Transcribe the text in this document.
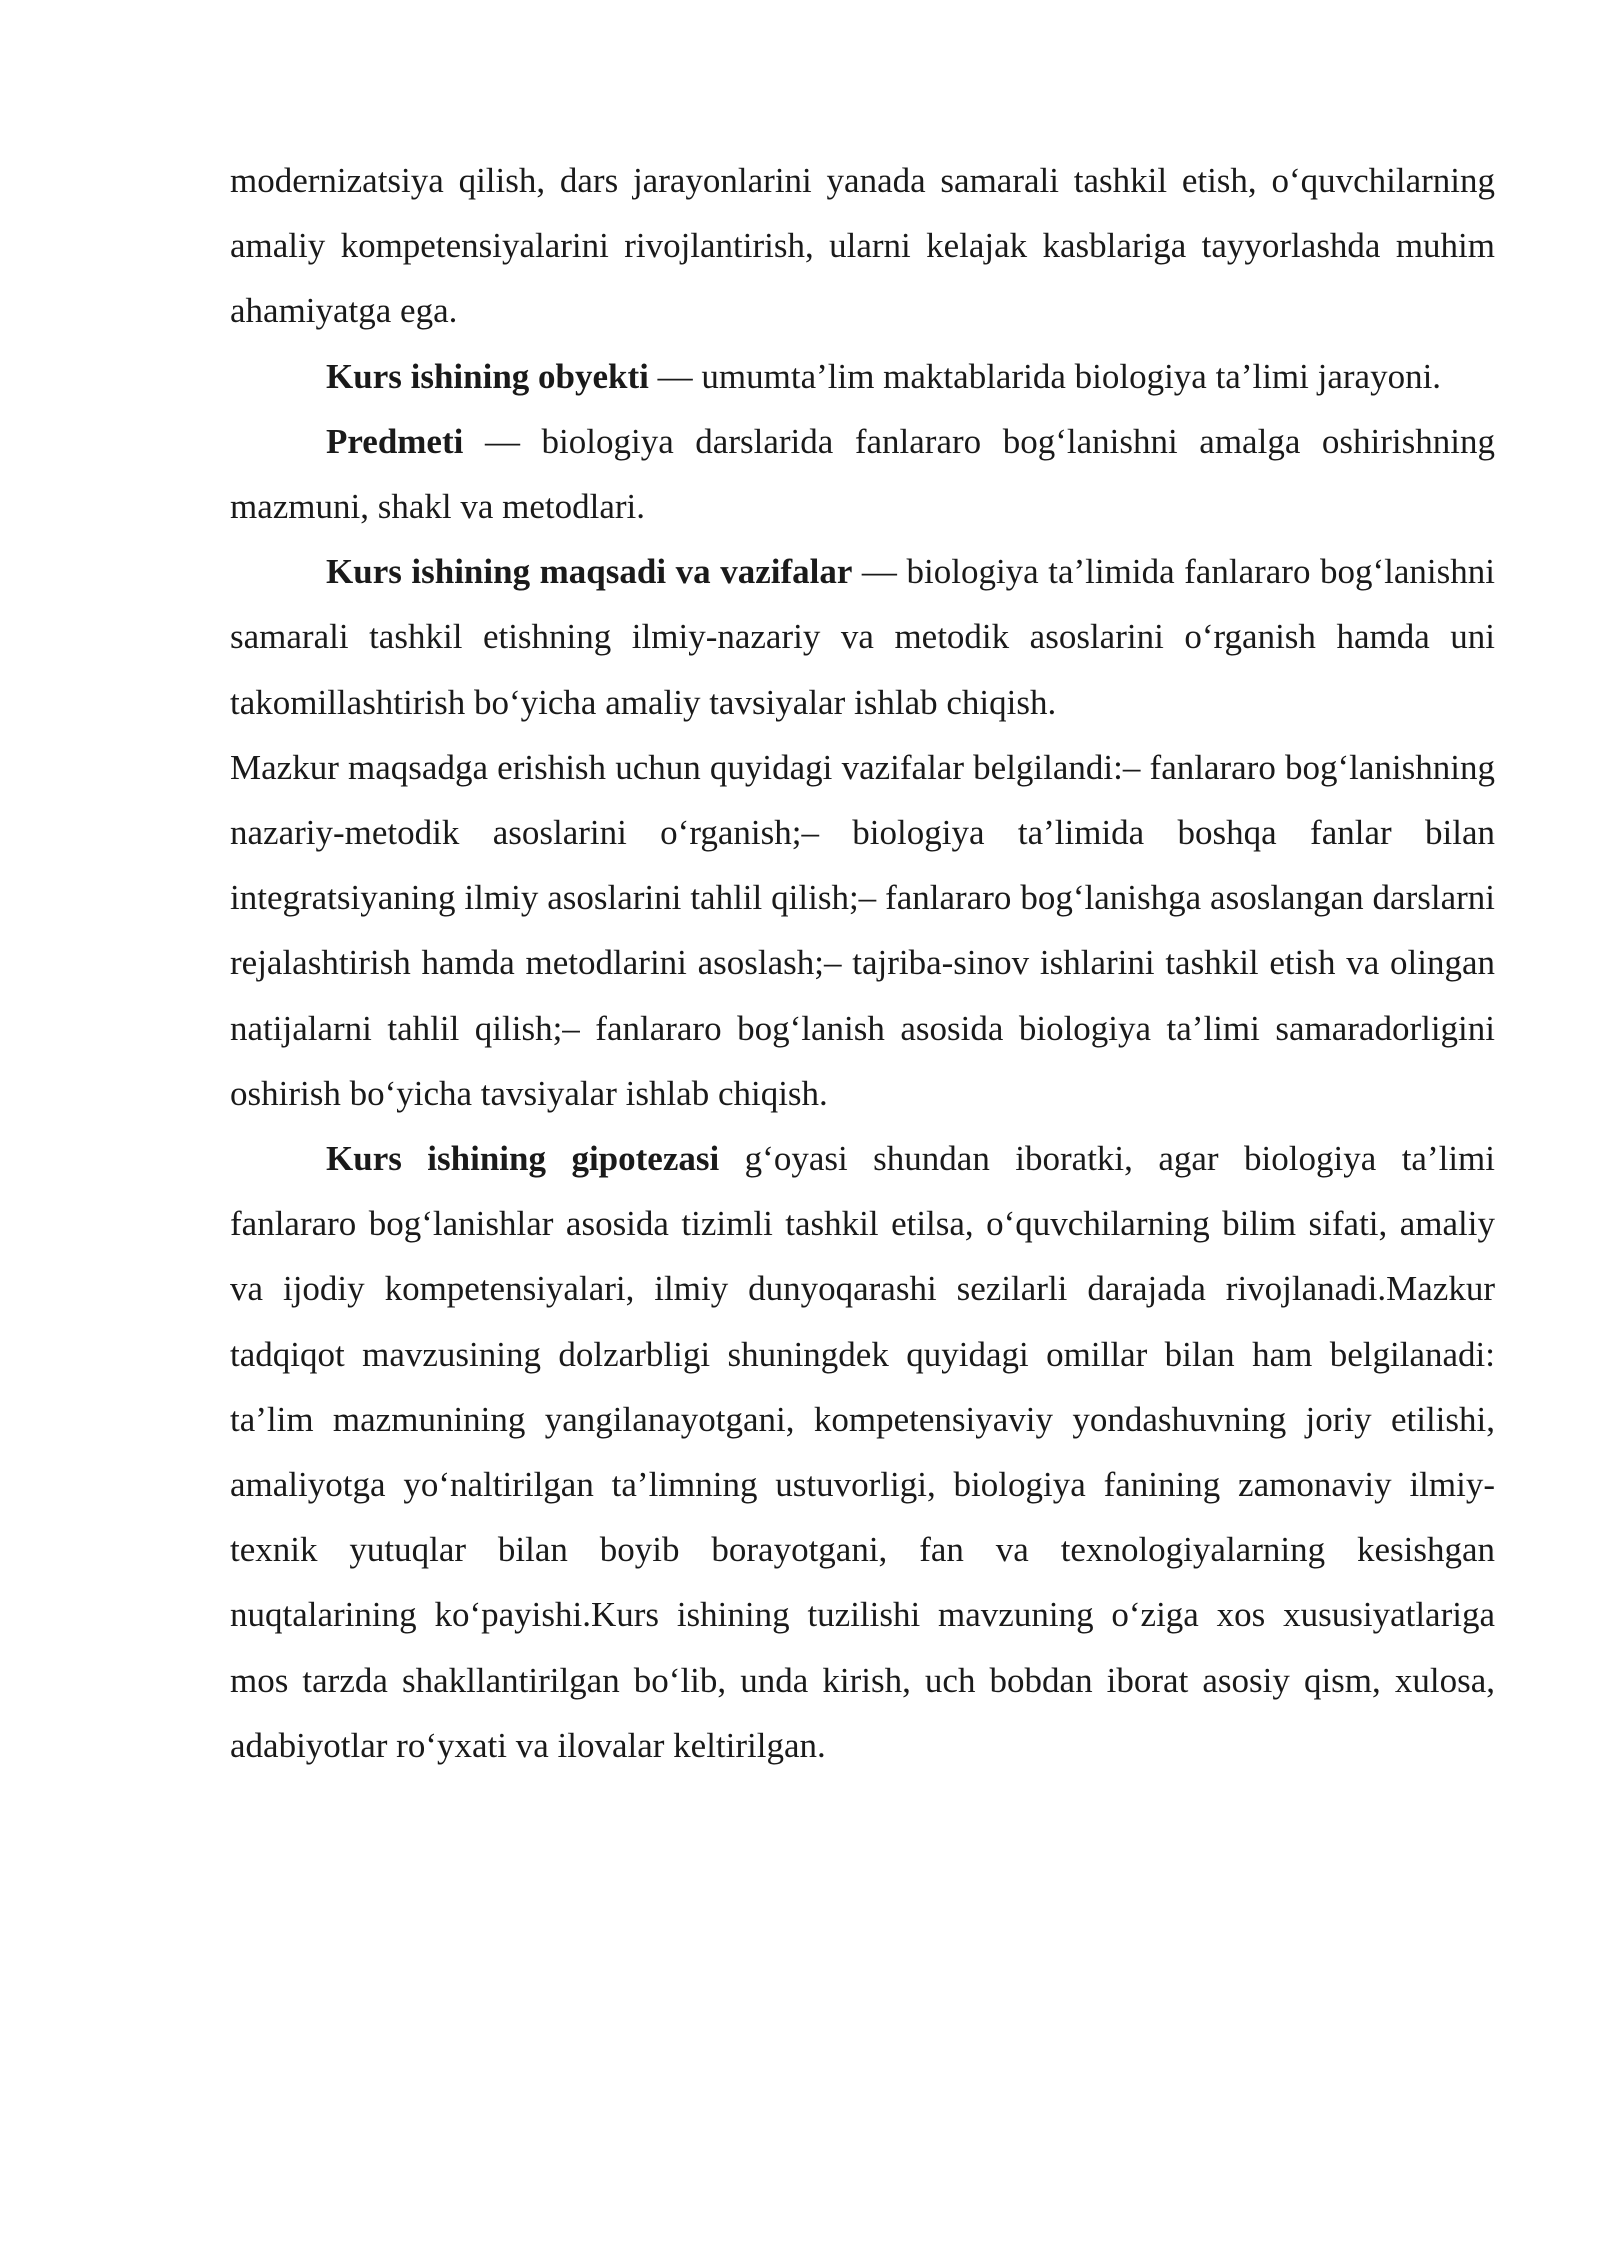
modernizatsiya qilish, dars jarayonlarini yanada samarali tashkil etish, o‘quvchilarning amaliy kompetensiyalarini rivojlantirish, ularni kelajak kasblariga tayyorlashda muhim ahamiyatga ega.

Kurs ishining obyekti — umumta’lim maktablarida biologiya ta’limi jarayoni.

Predmeti — biologiya darslarida fanlararo bog‘lanishni amalga oshirishning mazmuni, shakl va metodlari.

Kurs ishining maqsadi va vazifalar — biologiya ta’limida fanlararo bog‘lanishni samarali tashkil etishning ilmiy-nazariy va metodik asoslarini o‘rganish hamda uni takomillashtirish bo‘yicha amaliy tavsiyalar ishlab chiqish.

Mazkur maqsadga erishish uchun quyidagi vazifalar belgilandi:– fanlararo bog‘lanishning nazariy-metodik asoslarini o‘rganish;– biologiya ta’limida boshqa fanlar bilan integratsiyaning ilmiy asoslarini tahlil qilish;– fanlararo bog‘lanishga asoslangan darslarni rejalashtirish hamda metodlarini asoslash;– tajriba-sinov ishlarini tashkil etish va olingan natijalarni tahlil qilish;– fanlararo bog‘lanish asosida biologiya ta’limi samaradorligini oshirish bo‘yicha tavsiyalar ishlab chiqish.

Kurs ishining gipotezasi g‘oyasi shundan iboratki, agar biologiya ta’limi fanlararo bog‘lanishlar asosida tizimli tashkil etilsa, o‘quvchilarning bilim sifati, amaliy va ijodiy kompetensiyalari, ilmiy dunyoqarashi sezilarli darajada rivojlanadi.Mazkur tadqiqot mavzusining dolzarbligi shuningdek quyidagi omillar bilan ham belgilanadi: ta’lim mazmunining yangilanayotgani, kompetensiyaviy yondashuvning joriy etilishi, amaliyotga yo‘naltirilgan ta’limning ustuvorligi, biologiya fanining zamonaviy ilmiy-texnik yutuqlar bilan boyib borayotgani, fan va texnologiyalarning kesishgan nuqtalarining ko‘payishi.Kurs ishining tuzilishi mavzuning o‘ziga xos xususiyatlariga mos tarzda shakllantirilgan bo‘lib, unda kirish, uch bobdan iborat asosiy qism, xulosa, adabiyotlar ro‘yxati va ilovalar keltirilgan.
